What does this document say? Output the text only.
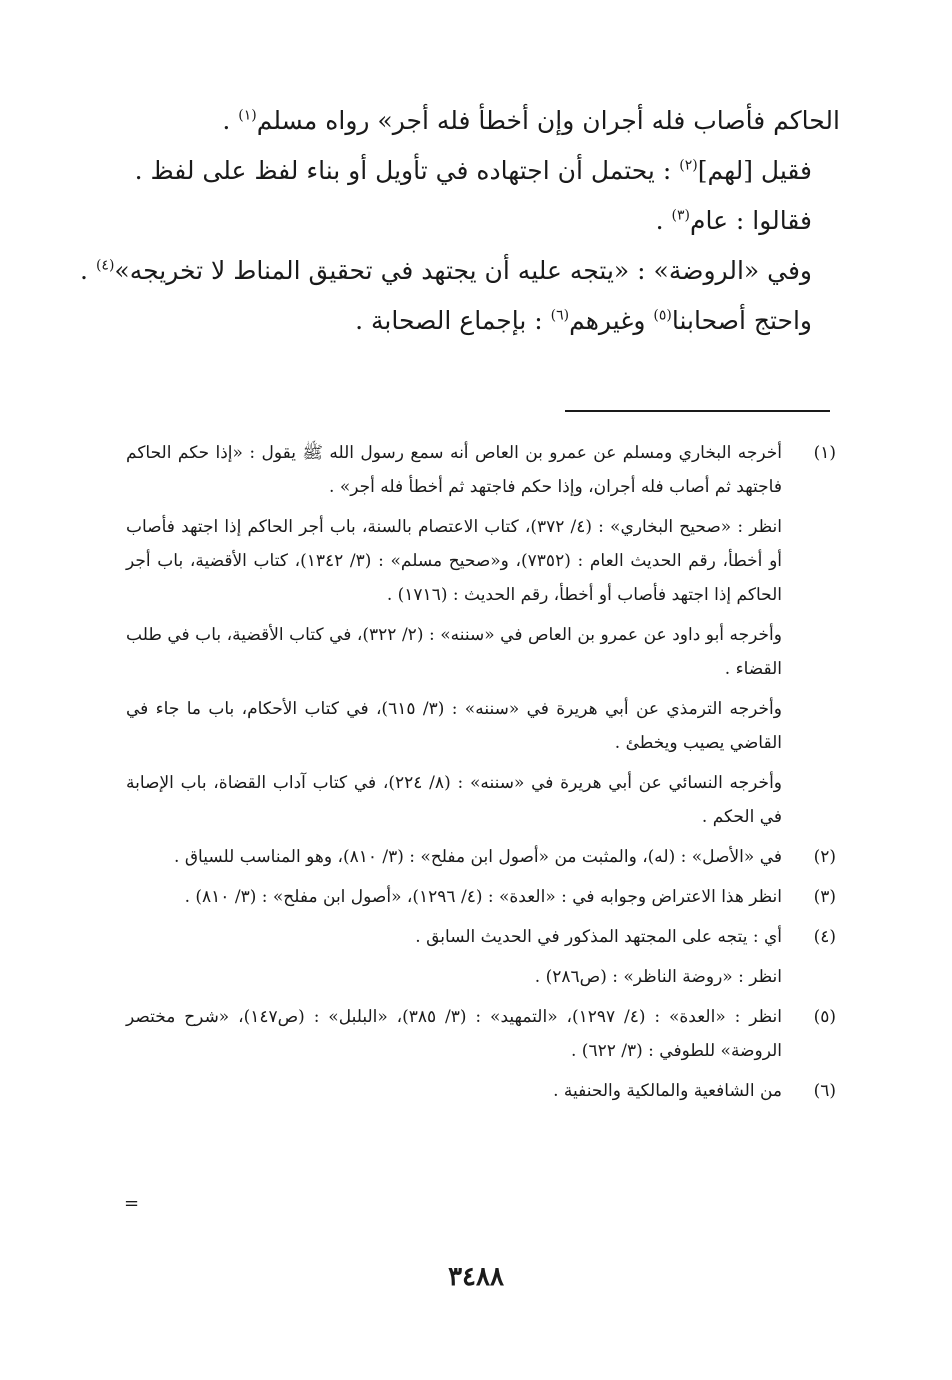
الحاكم فأصاب فله أجران وإن أخطأ فله أجر» رواه مسلم$^{(١)}$ .
فقيل [لهم]$^{(٢)}$ : يحتمل أن اجتهاده في تأويل أو بناء لفظ على لفظ .
فقالوا : عام$^{(٣)}$ .
وفي «الروضة» : «يتجه عليه أن يجتهد في تحقيق المناط لا تخريجه»$^{(٤)}$ .
واحتج أصحابنا$^{(٥)}$ وغيرهم$^{(٦)}$ : بإجماع الصحابة .
(١)

أخرجه البخاري ومسلم عن عمرو بن العاص أنه سمع رسول الله ﷺ يقول : «إذا حكم الحاكم فاجتهد ثم أصاب فله أجران، وإذا حكم فاجتهد ثم أخطأ فله أجر» .

انظر : «صحيح البخاري» : (٤/ ٣٧٢)، كتاب الاعتصام بالسنة، باب أجر الحاكم إذا اجتهد فأصاب أو أخطأ، رقم الحديث العام : (٧٣٥٢)، و«صحيح مسلم» : (٣/ ١٣٤٢)، كتاب الأقضية، باب أجر الحاكم إذا اجتهد فأصاب أو أخطأ، رقم الحديث : (١٧١٦) .

وأخرجه أبو داود عن عمرو بن العاص في «سننه» : (٢/ ٣٢٢)، في كتاب الأقضية، باب في طلب القضاء .

وأخرجه الترمذي عن أبي هريرة في «سننه» : (٣/ ٦١٥)، في كتاب الأحكام، باب ما جاء في القاضي يصيب ويخطئ .

وأخرجه النسائي عن أبي هريرة في «سننه» : (٨/ ٢٢٤)، في كتاب آداب القضاة، باب الإصابة في الحكم .

(٢)

في «الأصل» : (له)، والمثبت من «أصول ابن مفلح» : (٣/ ٨١٠)، وهو المناسب للسياق .

(٣)

انظر هذا الاعتراض وجوابه في : «العدة» : (٤/ ١٢٩٦)، «أصول ابن مفلح» : (٣/ ٨١٠) .

(٤)

أي : يتجه على المجتهد المذكور في الحديث السابق .

انظر : «روضة الناظر» : (ص٢٨٦) .

(٥)

انظر : «العدة» : (٤/ ١٢٩٧)، «التمهيد» : (٣/ ٣٨٥)، «البلبل» : (ص١٤٧)، «شرح مختصر الروضة» للطوفي : (٣/ ٦٢٢) .

(٦)

من الشافعية والمالكية والحنفية .

=
٣٤٨٨
